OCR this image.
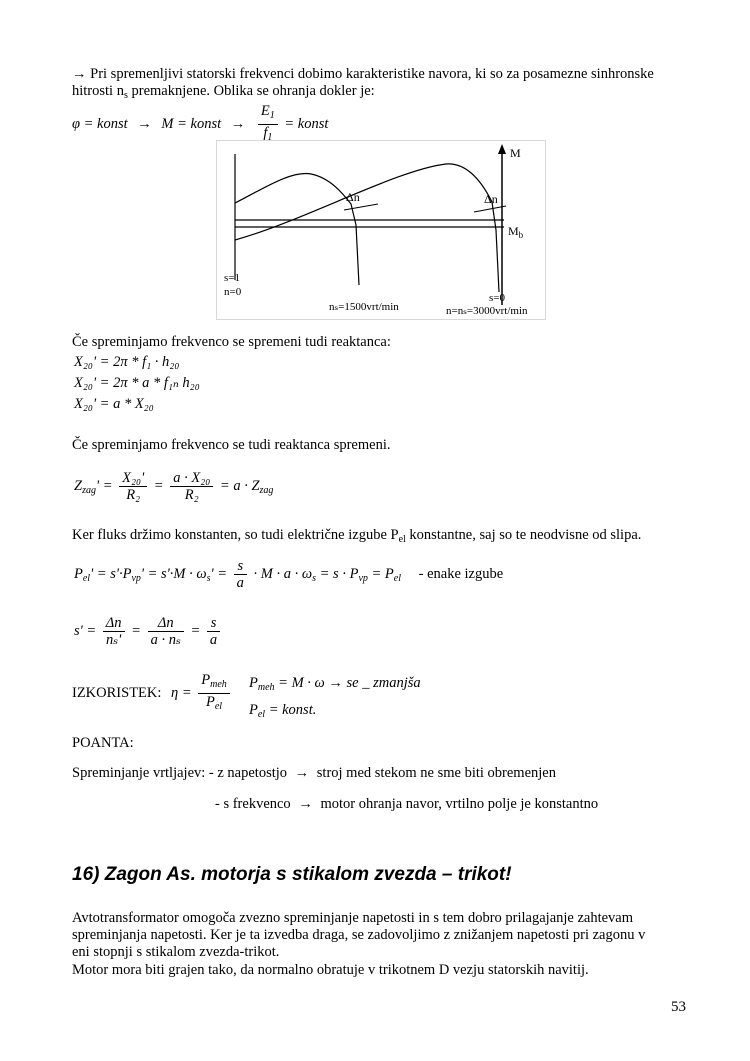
→ Pri spremenljivi statorski frekvenci dobimo karakteristike navora, ki so za posamezne sinhronske
hitrosti $n_s$ premaknjene. Oblika se ohranja dokler je:
φ = konst → M = konst → $\frac{E_1}{f_1}$ = konst
M
$M_b$
Δn	Δn
s=1
n=0
nₛ=1500vrt/min
s=0
n=nₛ=3000vrt/min
Če spreminjamo frekvenco se spremeni tudi reaktanca:
X₂₀' = 2π * f₁ · h₂₀
X₂₀' = 2π * a * f₁ₙ h₂₀
X₂₀' = a * X₂₀
Če spreminjamo frekvenco se tudi reaktanca spremeni.
$Z_{zag}' = \frac{\text{X₂₀'}}{\text{R₂}} = \frac{\text{a · X₂₀}}{\text{R₂}} = a \cdot Z_{zag}$
Ker fluks držimo konstanten, so tudi električne izgube $P_{el}$ konstantne, saj so te neodvisne od slipa.
$P_{el}' = s'\cdot P_{vp}' = s'\cdot M \cdot \omega_s' = \frac{s}{a} \cdot M \cdot a \cdot \omega_s = s \cdot P_{vp} = P_{el}$ - enake izgube
$s' = \frac{\Delta n}{\text{nₛ'}} = \frac{\Delta n}{\text{a · nₛ}} = \frac{s}{a}$
IZKORISTEK: $\eta = \frac{P_{meh}}{P_{el}} P_{meh} = M \cdot \omega$ → se _ zmanjša
$P_{el}$ = konst.
POANTA:
Spreminjanje vrtljajev: - z napetostjo → stroj med stekom ne sme biti obremenjen
- s frekvenco → motor ohranja navor, vrtilno polje je konstantno
16) Zagon As. motorja s stikalom zvezda – trikot!
Avtotransformator omogoča zvezno spreminjanje napetosti in s tem dobro prilagajanje zahtevam
spreminjanja napetosti. Ker je ta izvedba draga, se zadovoljimo z znižanjem napetosti pri zagonu v
eni stopnji s stikalom zvezda-trikot.
Motor mora biti grajen tako, da normalno obratuje v trikotnem D vezju statorskih navitij.
53
